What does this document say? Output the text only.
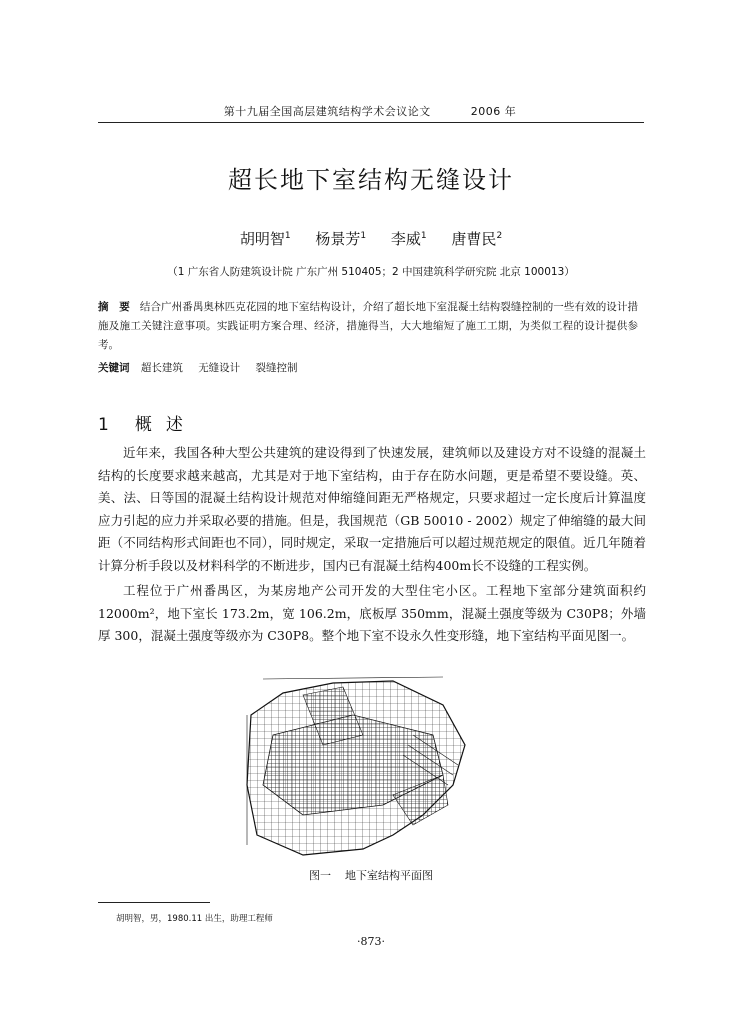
第十九届全国高层建筑结构学术会议论文	2006 年
超长地下室结构无缝设计
胡明智$^1$ 杨景芳$^1$ 李威$^1$ 唐曹民$^2$
（1 广东省人防建筑设计院 广东广州 510405；2 中国建筑科学研究院 北京 100013）
摘　要 结合广州番禺奥林匹克花园的地下室结构设计，介绍了超长地下室混凝土结构裂缝控制的一些有效的设计措施及施工关键注意事项。实践证明方案合理、经济，措施得当，大大地缩短了施工工期，为类似工程的设计提供参考。
关键词 超长建筑 无缝设计 裂缝控制
1 概述
近年来，我国各种大型公共建筑的建设得到了快速发展，建筑师以及建设方对不设缝的混凝土结构的长度要求越来越高，尤其是对于地下室结构，由于存在防水问题，更是希望不要设缝。英、美、法、日等国的混凝土结构设计规范对伸缩缝间距无严格规定，只要求超过一定长度后计算温度应力引起的应力并采取必要的措施。但是，我国规范（GB 50010 - 2002）规定了伸缩缝的最大间距（不同结构形式间距也不同），同时规定，采取一定措施后可以超过规范规定的限值。近几年随着计算分析手段以及材料科学的不断进步，国内已有混凝土结构400m长不设缝的工程实例。
工程位于广州番禺区，为某房地产公司开发的大型住宅小区。工程地下室部分建筑面积约 12000m²，地下室长 173.2m，宽 106.2m，底板厚 350mm，混凝土强度等级为 C30P8；外墙厚 300，混凝土强度等级亦为 C30P8。整个地下室不设永久性变形缝，地下室结构平面见图一。
图一 地下室结构平面图
胡明智，男，1980.11 出生，助理工程师
·873·
